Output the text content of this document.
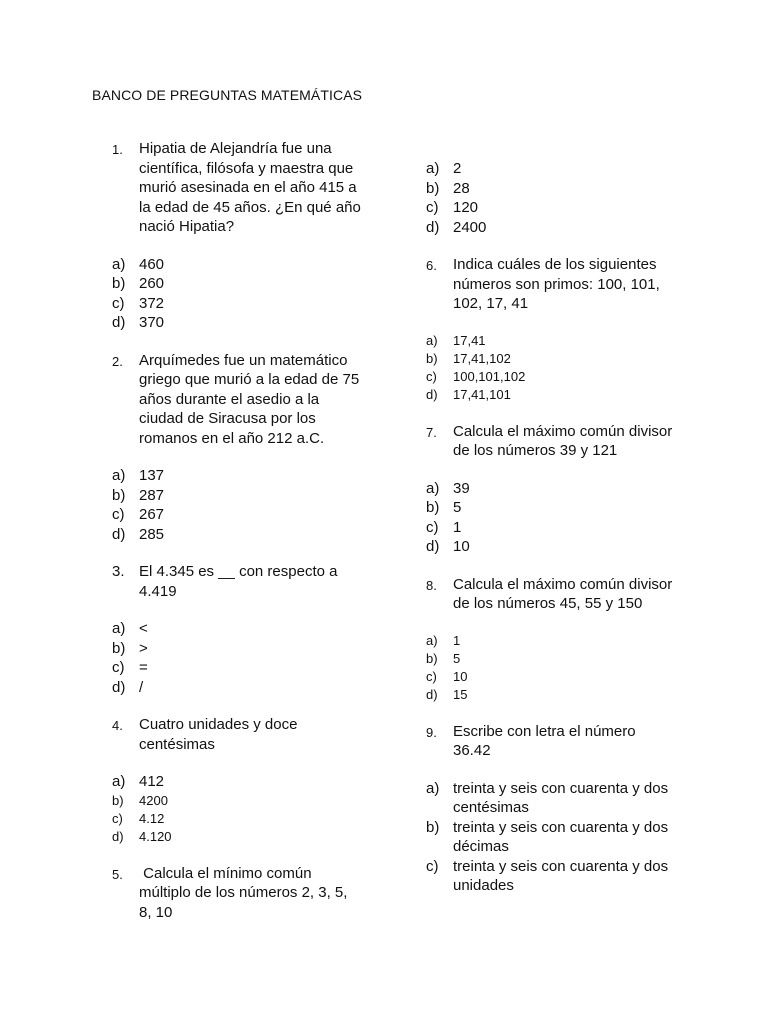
BANCO DE PREGUNTAS MATEMÁTICAS
1.	Hipatia de Alejandría fue una científica, filósofa y maestra que murió asesinada en el año 415 a la edad de 45 años. ¿En qué año nació Hipatia?
a) 460
b) 260
c) 372
d) 370
2.	Arquímedes fue un matemático griego que murió a la edad de 75 años durante el asedio a la ciudad de Siracusa por los romanos en el año 212 a.C.
a) 137
b) 287
c) 267
d) 285
3. El 4.345 es __ con respecto a 4.419
a) <
b) >
c) =
d) /
4.	Cuatro unidades y doce centésimas
a) 412
b)	4200
c)	4.12
d)	4.120
5.	Calcula el mínimo común múltiplo de los números 2, 3, 5, 8, 10
a) 2
b) 28
c) 120
d) 2400
6.	Indica cuáles de los siguientes números son primos: 100, 101, 102, 17, 41
a)	17,41
b)	17,41,102
c)	100,101,102
d)	17,41,101
7.	Calcula el máximo común divisor de los números 39 y 121
a) 39
b) 5
c) 1
d) 10
8.	Calcula el máximo común divisor de los números 45, 55 y 150
a)	1
b)	5
c)	10
d)	15
9.	Escribe con letra el número 36.42
a) treinta y seis con cuarenta y dos centésimas
b) treinta y seis con cuarenta y dos décimas
c) treinta y seis con cuarenta y dos unidades
